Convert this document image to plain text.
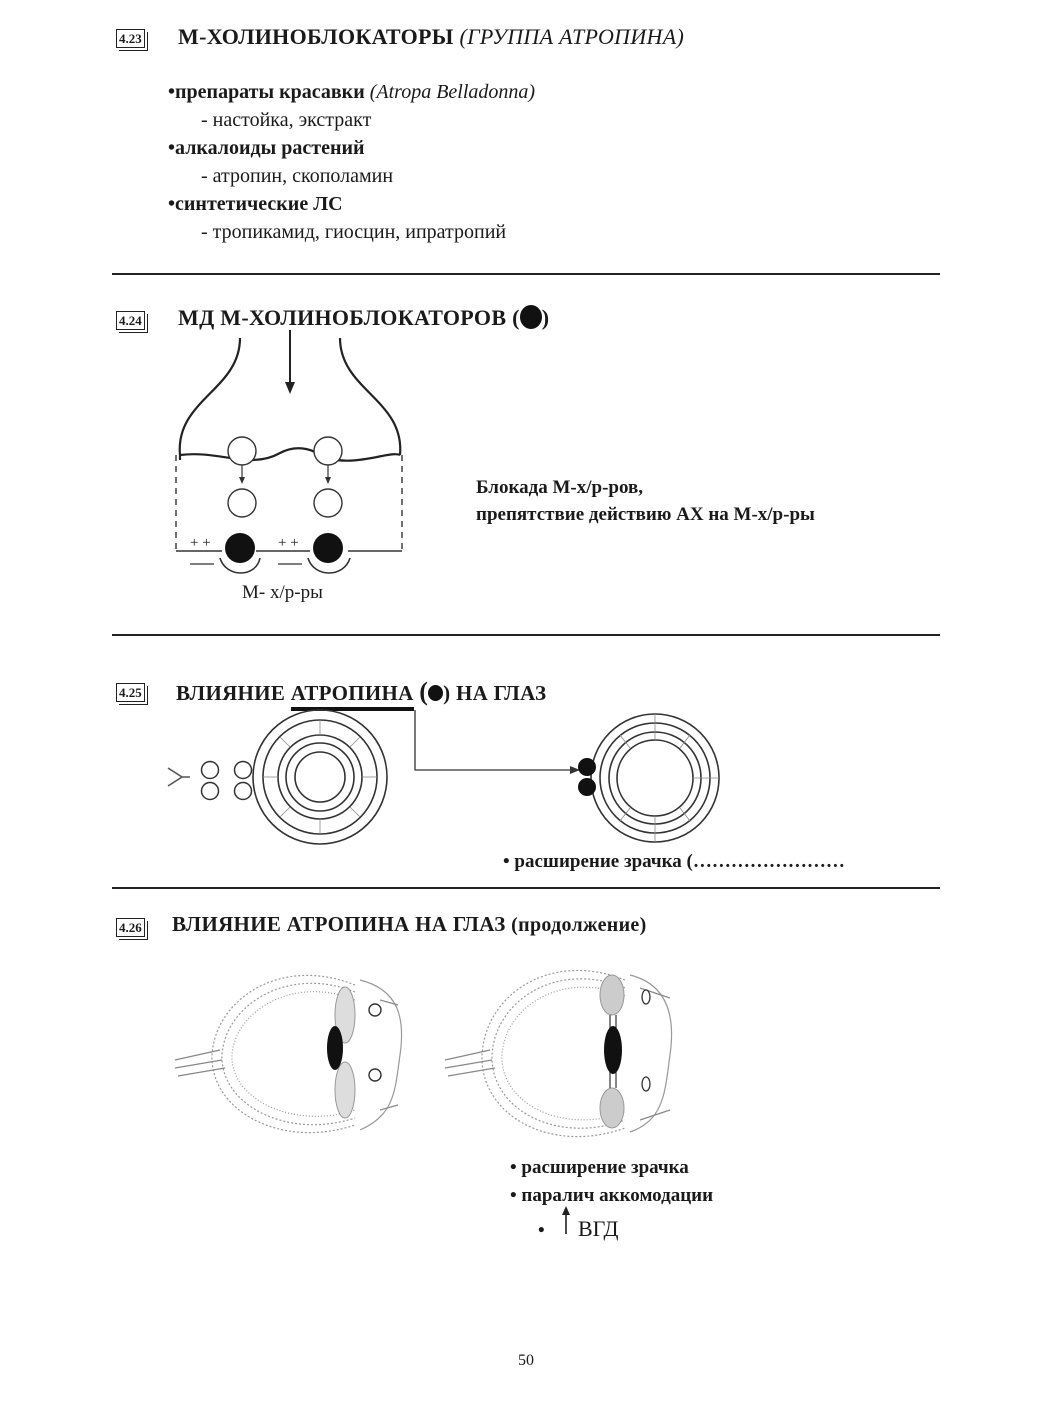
4.23 М-ХОЛИНОБЛОКАТОРЫ (ГРУППА АТРОПИНА)
•препараты красавки (Atropa Belladonna)
- настойка, экстракт
•алкалоиды растений
- атропин, скополамин
•синтетические ЛС
- тропикамид, гиосцин, ипратропий
4.24 МД М-ХОЛИНОБЛОКАТОРОВ ( )
+ +	+ +
М- х/р-ры
Блокада М-х/р-ров,
препятствие действию АХ на М-х/р-ры
4.25 ВЛИЯНИЕ АТРОПИНА ( ) НА ГЛАЗ
• расширение зрачка (……………………
4.26 ВЛИЯНИЕ АТРОПИНА НА ГЛАЗ (продолжение)
• расширение зрачка
• паралич аккомодации
• ВГД
50
